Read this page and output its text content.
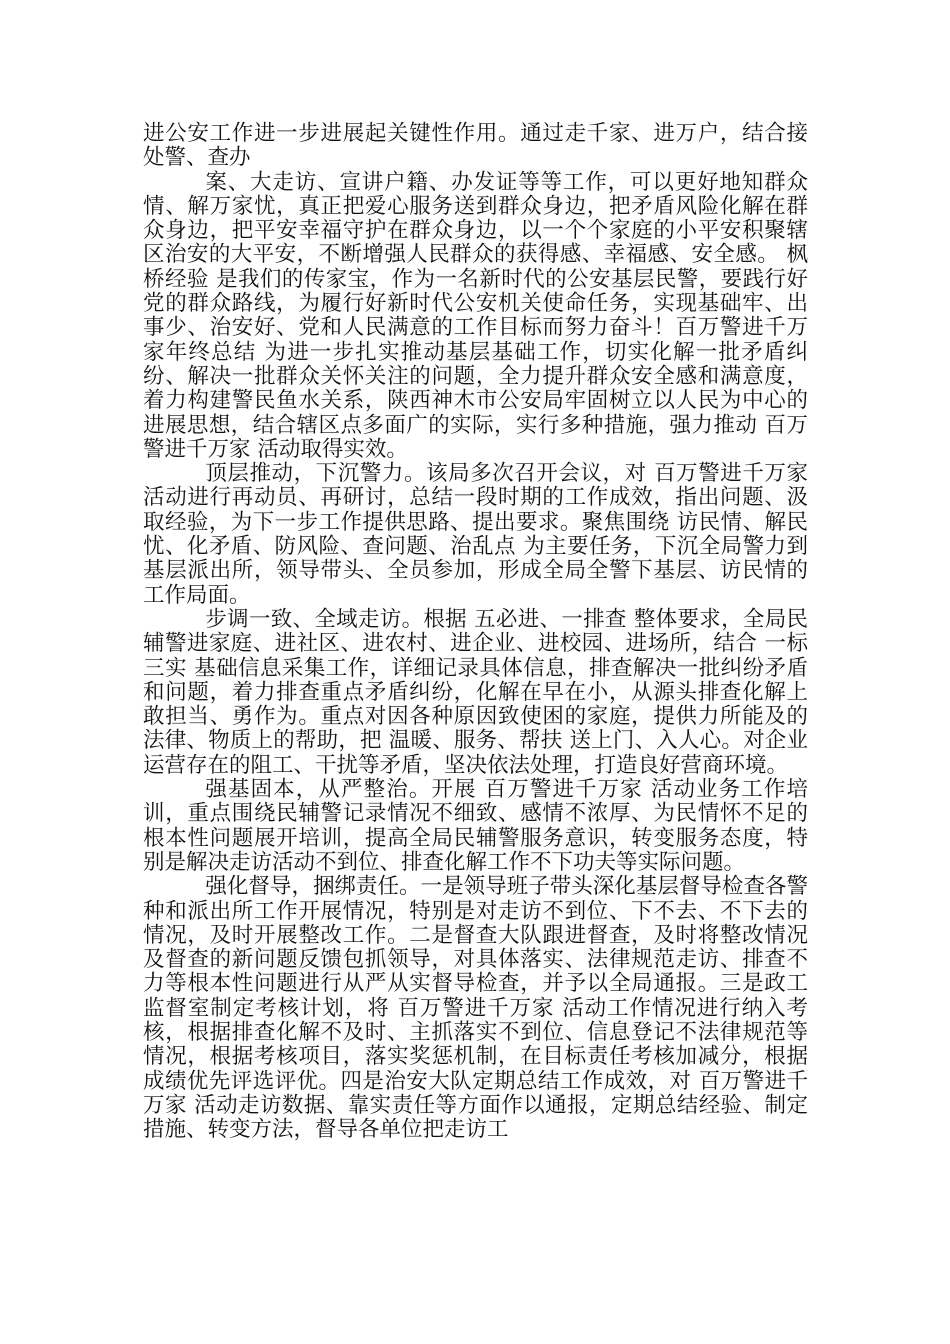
进公安工作进一步进展起关键性作用。通过走千家、进万户，结合接处警、查办

案、大走访、宣讲户籍、办发证等等工作，可以更好地知群众情、解万家忧，真正把爱心服务送到群众身边，把矛盾风险化解在群众身边，把平安幸福守护在群众身边，以一个个家庭的小平安积聚辖区治安的大平安，不断增强人民群众的获得感、幸福感、安全感。 枫桥经验 是我们的传家宝，作为一名新时代的公安基层民警，要践行好党的群众路线，为履行好新时代公安机关使命任务，实现基础牢、出事少、治安好、党和人民满意的工作目标而努力奋斗！百万警进千万家年终总结 为进一步扎实推动基层基础工作，切实化解一批矛盾纠纷、解决一批群众关怀关注的问题，全力提升群众安全感和满意度，着力构建警民鱼水关系，陕西神木市公安局牢固树立以人民为中心的进展思想，结合辖区点多面广的实际，实行多种措施，强力推动 百万警进千万家 活动取得实效。

顶层推动，下沉警力。该局多次召开会议，对 百万警进千万家 活动进行再动员、再研讨，总结一段时期的工作成效，指出问题、汲取经验，为下一步工作提供思路、提出要求。聚焦围绕 访民情、解民忧、化矛盾、防风险、查问题、治乱点 为主要任务，下沉全局警力到基层派出所，领导带头、全员参加，形成全局全警下基层、访民情的工作局面。

步调一致、全域走访。根据 五必进、一排查 整体要求，全局民辅警进家庭、进社区、进农村、进企业、进校园、进场所，结合 一标三实 基础信息采集工作，详细记录具体信息，排查解决一批纠纷矛盾和问题，着力排查重点矛盾纠纷，化解在早在小，从源头排查化解上敢担当、勇作为。重点对因各种原因致使困的家庭，提供力所能及的法律、物质上的帮助，把 温暖、服务、帮扶 送上门、入人心。对企业运营存在的阻工、干扰等矛盾，坚决依法处理，打造良好营商环境。

强基固本，从严整治。开展 百万警进千万家 活动业务工作培训，重点围绕民辅警记录情况不细致、感情不浓厚、为民情怀不足的根本性问题展开培训，提高全局民辅警服务意识，转变服务态度，特别是解决走访活动不到位、排查化解工作不下功夫等实际问题。

强化督导，捆绑责任。一是领导班子带头深化基层督导检查各警种和派出所工作开展情况，特别是对走访不到位、下不去、不下去的情况，及时开展整改工作。二是督查大队跟进督查，及时将整改情况及督查的新问题反馈包抓领导，对具体落实、法律规范走访、排查不力等根本性问题进行从严从实督导检查，并予以全局通报。三是政工监督室制定考核计划，将 百万警进千万家 活动工作情况进行纳入考核，根据排查化解不及时、主抓落实不到位、信息登记不法律规范等情况，根据考核项目，落实奖惩机制，在目标责任考核加减分，根据成绩优先评选评优。四是治安大队定期总结工作成效，对 百万警进千万家 活动走访数据、靠实责任等方面作以通报，定期总结经验、制定措施、转变方法，督导各单位把走访工
